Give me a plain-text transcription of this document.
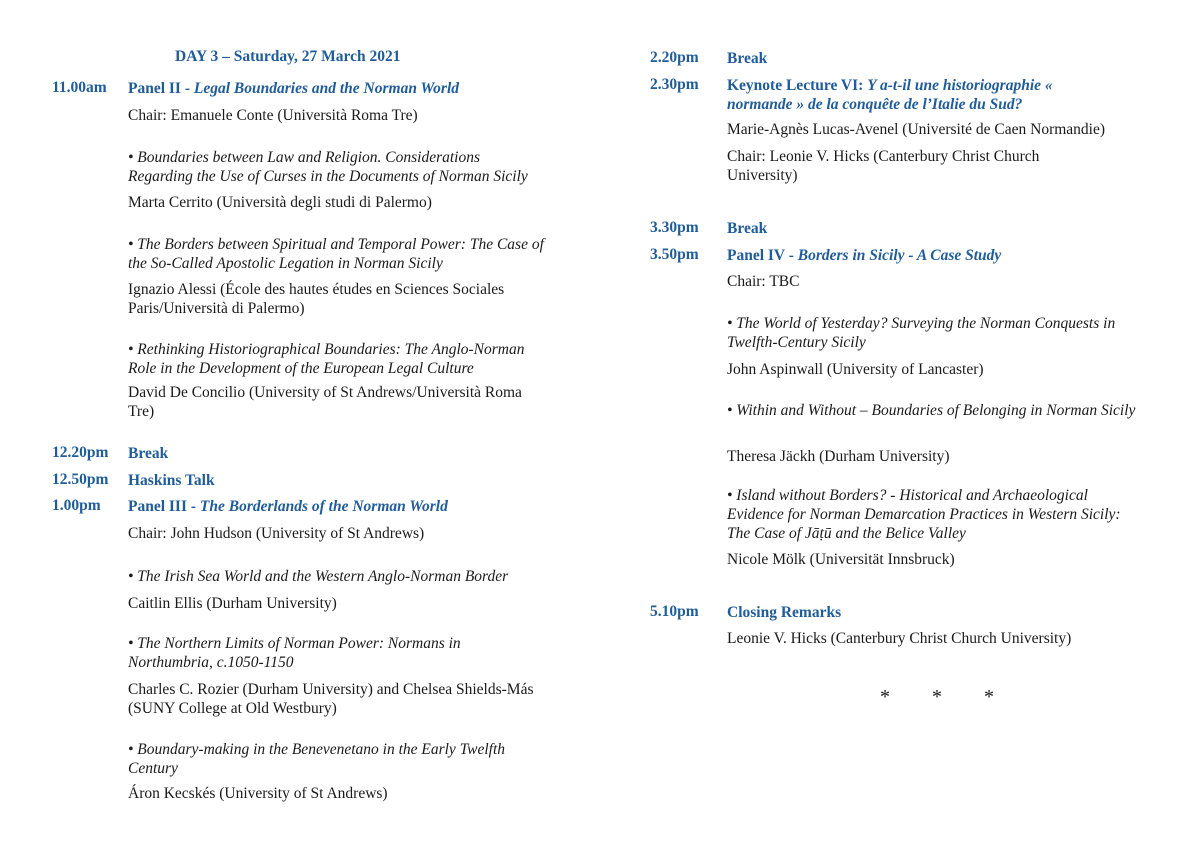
DAY 3 – Saturday, 27 March 2021
11.00am	Panel II - Legal Boundaries and the Norman World
Chair: Emanuele Conte (Università Roma Tre)
• Boundaries between Law and Religion. Considerations Regarding the Use of Curses in the Documents of Norman Sicily
Marta Cerrito (Università degli studi di Palermo)
• The Borders between Spiritual and Temporal Power: The Case of the So-Called Apostolic Legation in Norman Sicily
Ignazio Alessi (École des hautes études en Sciences Sociales Paris/Università di Palermo)
• Rethinking Historiographical Boundaries: The Anglo-Norman Role in the Development of the European Legal Culture
David De Concilio (University of St Andrews/Università Roma Tre)
12.20pm	Break
12.50pm	Haskins Talk
1.00pm	Panel III - The Borderlands of the Norman World
Chair: John Hudson (University of St Andrews)
• The Irish Sea World and the Western Anglo-Norman Border
Caitlin Ellis (Durham University)
• The Northern Limits of Norman Power: Normans in Northumbria, c.1050-1150
Charles C. Rozier (Durham University) and Chelsea Shields-Más (SUNY College at Old Westbury)
• Boundary-making in the Benevenetano in the Early Twelfth Century
Áron Kecskés (University of St Andrews)
2.20pm	Break
2.30pm	Keynote Lecture VI: Y a-t-il une historiographie « normande » de la conquête de l’Italie du Sud?
Marie-Agnès Lucas-Avenel (Université de Caen Normandie)
Chair: Leonie V. Hicks (Canterbury Christ Church University)
3.30pm	Break
3.50pm	Panel IV - Borders in Sicily - A Case Study
Chair: TBC
• The World of Yesterday? Surveying the Norman Conquests in Twelfth-Century Sicily
John Aspinwall (University of Lancaster)
• Within and Without – Boundaries of Belonging in Norman Sicily
Theresa Jäckh (Durham University)
• Island without Borders? - Historical and Archaeological Evidence for Norman Demarcation Practices in Western Sicily: The Case of Jāṭū and the Belice Valley
Nicole Mölk (Universität Innsbruck)
5.10pm	Closing Remarks
Leonie V. Hicks (Canterbury Christ Church University)
* * *
